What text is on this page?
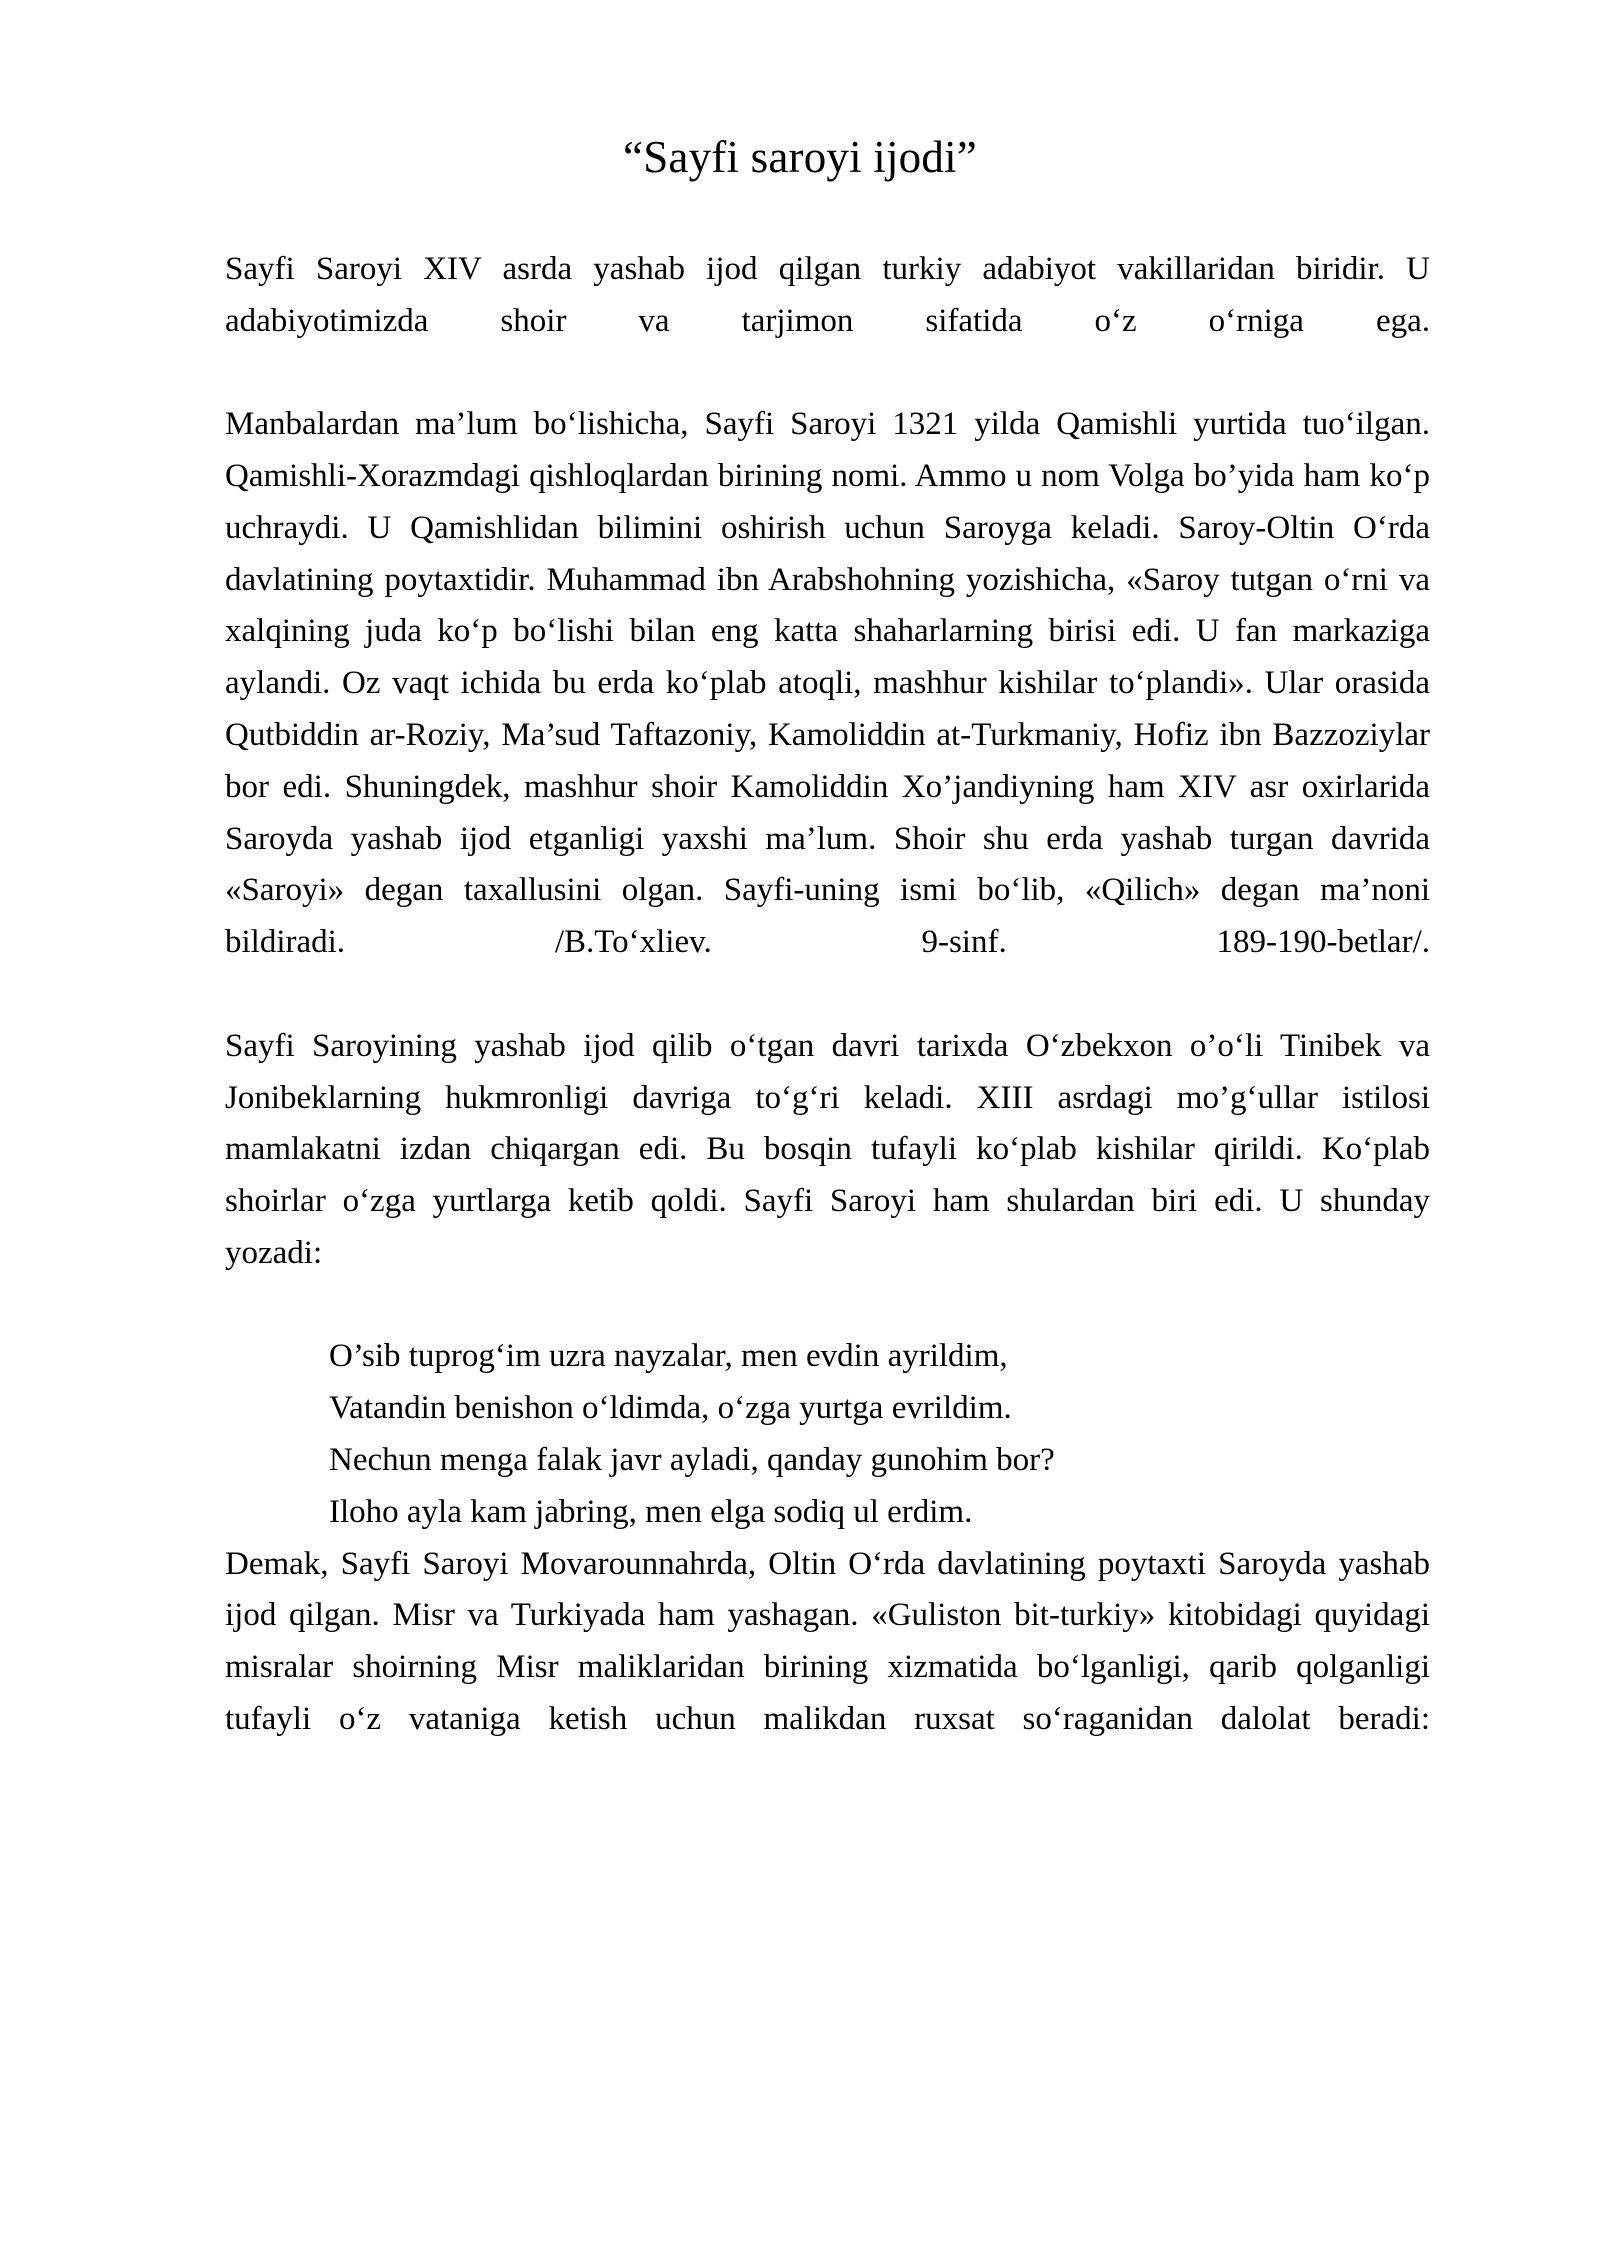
“Sayfi saroyi ijodi”

Sayfi Saroyi XIV asrda yashab ijod qilgan turkiy adabiyot vakillaridan biridir. U adabiyotimizda shoir va tarjimon sifatida o‘z o‘rniga ega.

Manbalardan ma’lum bo‘lishicha, Sayfi Saroyi 1321 yilda Qamishli yurtida tuo‘ilgan. Qamishli-Xorazmdagi qishloqlardan birining nomi. Ammo u nom Volga bo’yida ham ko‘p uchraydi. U Qamishlidan bilimini oshirish uchun Saroyga keladi. Saroy-Oltin O‘rda davlatining poytaxtidir. Muhammad ibn Arabshohning yozishicha, «Saroy tutgan o‘rni va xalqining juda ko‘p bo‘lishi bilan eng katta shaharlarning birisi edi. U fan markaziga aylandi. Oz vaqt ichida bu erda ko‘plab atoqli, mashhur kishilar to‘plandi». Ular orasida Qutbiddin ar-Roziy, Ma’sud Taftazoniy, Kamoliddin at-Turkmaniy, Hofiz ibn Bazzoziylar bor edi. Shuningdek, mashhur shoir Kamoliddin Xo’jandiyning ham XIV asr oxirlarida Saroyda yashab ijod etganligi yaxshi ma’lum. Shoir shu erda yashab turgan davrida «Saroyi» degan taxallusini olgan. Sayfi-uning ismi bo‘lib, «Qilich» degan ma’noni bildiradi. /B.To‘xliev. 9-sinf. 189-190-betlar/.

Sayfi Saroyining yashab ijod qilib o‘tgan davri tarixda O‘zbekxon o’o‘li Tinibek va Jonibeklarning hukmronligi davriga to‘g‘ri keladi. XIII asrdagi mo’g‘ullar istilosi mamlakatni izdan chiqargan edi. Bu bosqin tufayli ko‘plab kishilar qirildi. Ko‘plab shoirlar o‘zga yurtlarga ketib qoldi. Sayfi Saroyi ham shulardan biri edi. U shunday yozadi:

O’sib tuprog‘im uzra nayzalar, men evdin ayrildim,

Vatandin benishon o‘ldimda, o‘zga yurtga evrildim.

Nechun menga falak javr ayladi, qanday gunohim bor?

Iloho ayla kam jabring, men elga sodiq ul erdim.

Demak, Sayfi Saroyi Movarounnahrda, Oltin O‘rda davlatining poytaxti Saroyda yashab ijod qilgan. Misr va Turkiyada ham yashagan. «Guliston bit-turkiy» kitobidagi quyidagi misralar shoirning Misr maliklaridan birining xizmatida bo‘lganligi, qarib qolganligi tufayli o‘z vataniga ketish uchun malikdan ruxsat so‘raganidan dalolat beradi:
